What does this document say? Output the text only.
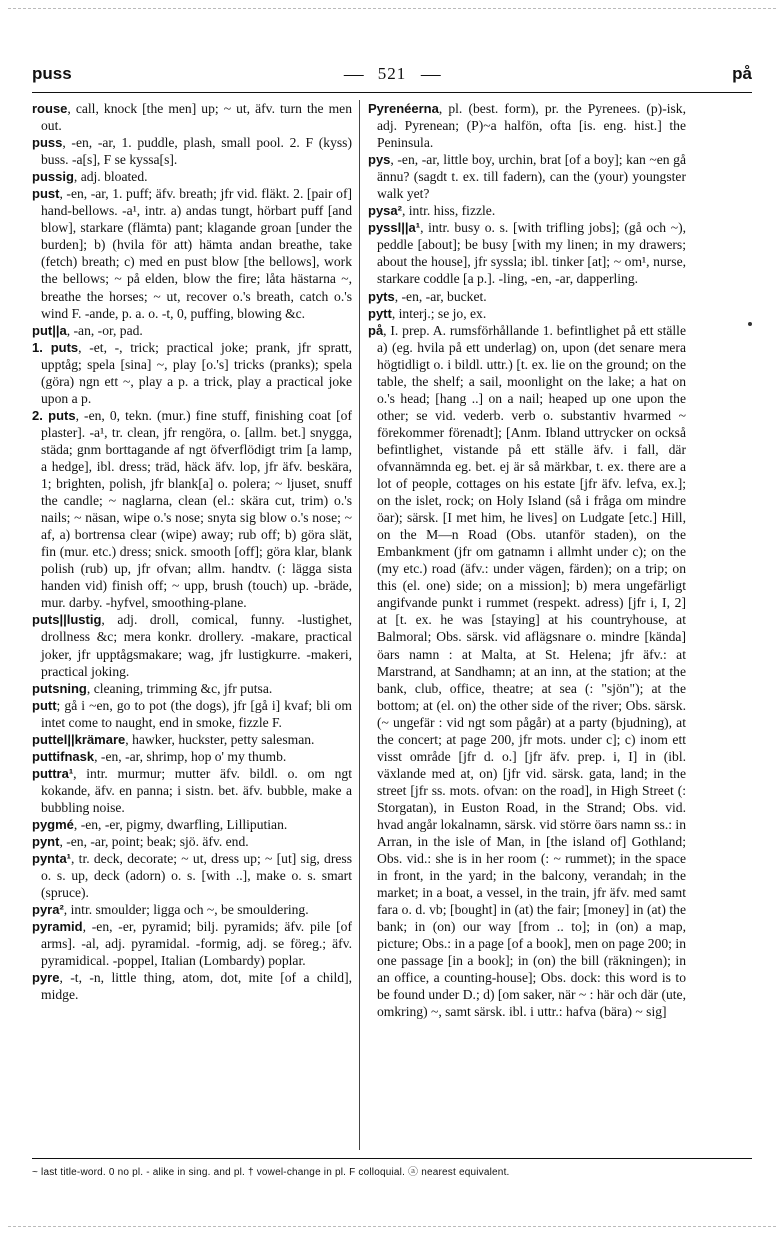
puss	521	på

rouse, call, knock [the men] up; ~ ut, äfv. turn the men out.

puss, -en, -ar, 1. puddle, plash, small pool. 2. F (kyss) buss. -a[s], F se kyssa[s].

pussig, adj. bloated.

pust, -en, -ar, 1. puff; äfv. breath; jfr vid. fläkt. 2. [pair of] hand-bellows. -a¹, intr. a) andas tungt, hörbart puff [and blow], starkare (flämta) pant; klagande groan [under the burden]; b) (hvila för att) hämta andan breathe, take (fetch) breath; c) med en pust blow [the bellows], work the bellows; ~ på elden, blow the fire; låta hästarna ~, breathe the horses; ~ ut, recover o.'s breath, catch o.'s wind F. -ande, p. a. o. -t, 0, puffing, blowing &c.

put||a, -an, -or, pad.

1. puts, -et, -, trick; practical joke; prank, jfr spratt, upptåg; spela [sina] ~, play [o.'s] tricks (pranks); spela (göra) ngn ett ~, play a p. a trick, play a practical joke upon a p.

2. puts, -en, 0, tekn. (mur.) fine stuff, finishing coat [of plaster]. -a¹, tr. clean, jfr rengöra, o. [allm. bet.] snygga, städa; gnm borttagande af ngt öfverflödigt trim [a lamp, a hedge], ibl. dress; träd, häck äfv. lop, jfr äfv. beskära, 1; brighten, polish, jfr blank[a] o. polera; ~ ljuset, snuff the candle; ~ naglarna, clean (el.: skära cut, trim) o.'s nails; ~ näsan, wipe o.'s nose; snyta sig blow o.'s nose; ~ af, a) bortrensa clear (wipe) away; rub off; b) göra slät, fin (mur. etc.) dress; snick. smooth [off]; göra klar, blank polish (rub) up, jfr ofvan; allm. handtv. (: lägga sista handen vid) finish off; ~ upp, brush (touch) up. -bräde, mur. darby. -hyfvel, smoothing-plane.

puts||lustig, adj. droll, comical, funny. -lustighet, drollness &c; mera konkr. drollery. -makare, practical joker, jfr upptågsmakare; wag, jfr lustigkurre. -makeri, practical joking.

putsning, cleaning, trimming &c, jfr putsa.

putt; gå i ~en, go to pot (the dogs), jfr [gå i] kvaf; bli om intet come to naught, end in smoke, fizzle F.

puttel||krämare, hawker, huckster, petty salesman.

puttifnask, -en, -ar, shrimp, hop o' my thumb.

puttra¹, intr. murmur; mutter äfv. bildl. o. om ngt kokande, äfv. en panna; i sistn. bet. äfv. bubble, make a bubbling noise.

pygmé, -en, -er, pigmy, dwarfling, Lilliputian.

pynt, -en, -ar, point; beak; sjö. äfv. end.

pynta¹, tr. deck, decorate; ~ ut, dress up; ~ [ut] sig, dress o. s. up, deck (adorn) o. s. [with ..], make o. s. smart (spruce).

pyra², intr. smoulder; ligga och ~, be smouldering.

pyramid, -en, -er, pyramid; bilj. pyramids; äfv. pile [of arms]. -al, adj. pyramidal. -formig, adj. se föreg.; äfv. pyramidical. -poppel, Italian (Lombardy) poplar.

pyre, -t, -n, little thing, atom, dot, mite [of a child], midge.

Pyrenéerna, pl. (best. form), pr. the Pyrenees. (p)-isk, adj. Pyrenean; (P)~a halfön, ofta [is. eng. hist.] the Peninsula.

pys, -en, -ar, little boy, urchin, brat [of a boy]; kan ~en gå ännu? (sagdt t. ex. till fadern), can the (your) youngster walk yet?

pysa², intr. hiss, fizzle.

pyssl||a¹, intr. busy o. s. [with trifling jobs]; (gå och ~), peddle [about]; be busy [with my linen; in my drawers; about the house], jfr syssla; ibl. tinker [at]; ~ om¹, nurse, starkare coddle [a p.]. -ling, -en, -ar, dapperling.

pyts, -en, -ar, bucket.

pytt, interj.; se jo, ex.

på, I. prep. A. rumsförhållande 1. befintlighet på ett ställe a) (eg. hvila på ett underlag) on, upon (det senare mera högtidligt o. i bildl. uttr.) [t. ex. lie on the ground; on the table, the shelf; a sail, moonlight on the lake; a hat on o.'s head; [hang ..] on a nail; heaped up one upon the other; se vid. vederb. verb o. substantiv hvarmed ~ förekommer förenadt]; [Anm. Ibland uttrycker on också befintlighet, vistande på ett ställe äfv. i fall, där ofvannämnda eg. bet. ej är så märkbar, t. ex. there are a lot of people, cottages on his estate [jfr äfv. lefva, ex.]; on the islet, rock; on Holy Island (så i fråga om mindre öar); särsk. [I met him, he lives] on Ludgate [etc.] Hill, on the M—n Road (Obs. utanför staden), on the Embankment (jfr om gatnamn i allmht under c); on the (my etc.) road (äfv.: under vägen, färden); on a trip; on this (el. one) side; on a mission]; b) mera ungefärligt angifvande punkt i rummet (respekt. adress) [jfr i, I, 2] at [t. ex. he was [staying] at his countryhouse, at Balmoral; Obs. särsk. vid aflägsnare o. mindre [kända] öars namn : at Malta, at St. Helena; jfr äfv.: at Marstrand, at Sandhamn; at an inn, at the station; at the bank, club, office, theatre; at sea (: "sjön"); at the bottom; at (el. on) the other side of the river; Obs. särsk. (~ ungefär : vid ngt som pågår) at a party (bjudning), at the concert; at page 200, jfr mots. under c]; c) inom ett visst område [jfr d. o.] [jfr äfv. prep. i, I] in (ibl. växlande med at, on) [jfr vid. särsk. gata, land; in the street [jfr ss. mots. ofvan: on the road], in High Street (: Storgatan), in Euston Road, in the Strand; Obs. vid. hvad angår lokalnamn, särsk. vid större öars namn ss.: in Arran, in the isle of Man, in [the island of] Gothland; Obs. vid.: she is in her room (: ~ rummet); in the space in front, in the yard; in the balcony, verandah; in the market; in a boat, a vessel, in the train, jfr äfv. med samt fara o. d. vb; [bought] in (at) the fair; [money] in (at) the bank; in (on) our way [from .. to]; in (on) a map, picture; Obs.: in a page [of a book], men on page 200; in one passage [in a book]; in (on) the bill (räkningen); in an office, a counting-house]; Obs. dock: this word is to be found under D.; d) [om saker, när ~ : här och där (ute, omkring) ~, samt särsk. ibl. i uttr.: hafva (bära) ~ sig]

~ last title-word. 0 no pl. - alike in sing. and pl. † vowel-change in pl. F colloquial. ⓐ nearest equivalent.
